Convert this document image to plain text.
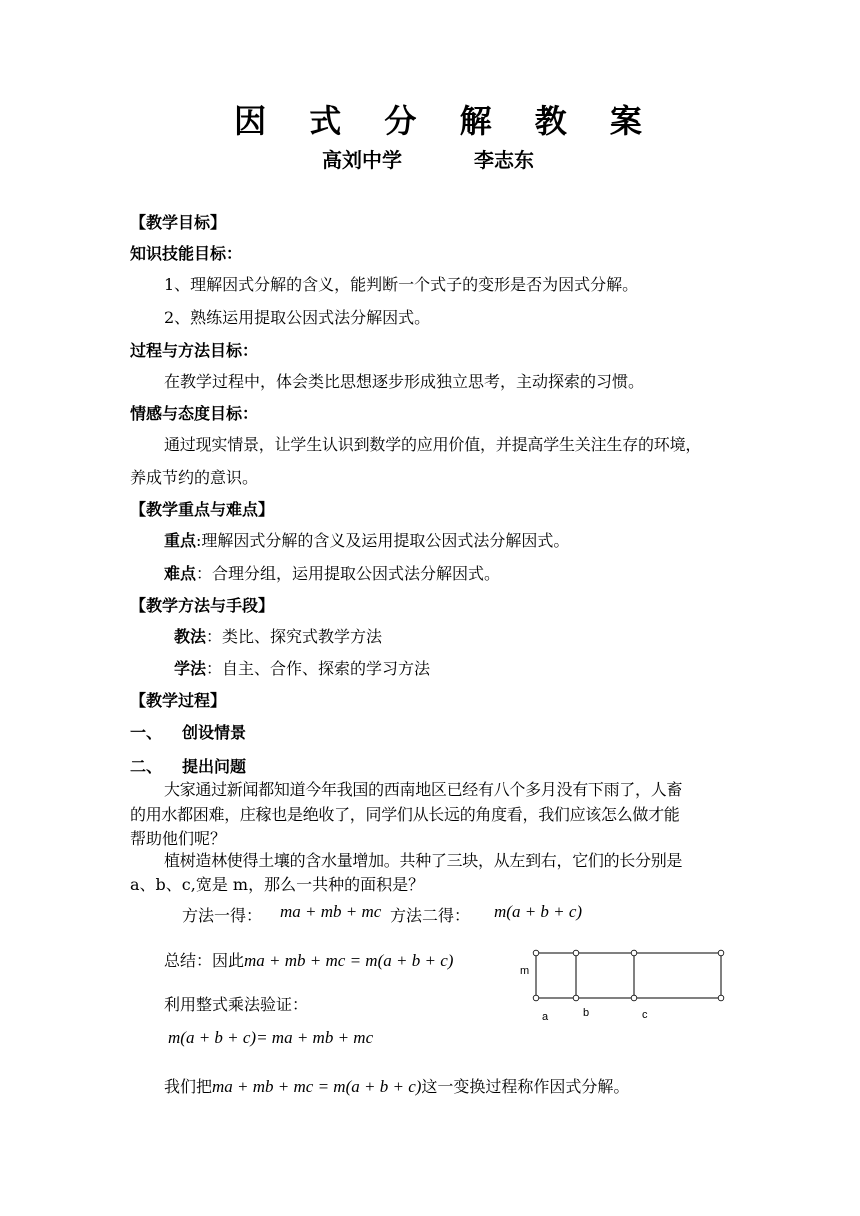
因 式 分 解 教 案
高刘中学	李志东
【教学目标】
知识技能目标：
1、理解因式分解的含义，能判断一个式子的变形是否为因式分解。
2、熟练运用提取公因式法分解因式。
过程与方法目标：
在教学过程中，体会类比思想逐步形成独立思考，主动探索的习惯。
情感与态度目标：
通过现实情景，让学生认识到数学的应用价值，并提高学生关注生存的环境，
养成节约的意识。
【教学重点与难点】
重点:理解因式分解的含义及运用提取公因式法分解因式。
难点：合理分组，运用提取公因式法分解因式。
【教学方法与手段】
教法：类比、探究式教学方法
学法：自主、合作、探索的学习方法
【教学过程】
一、 创设情景
二、 提出问题
大家通过新闻都知道今年我国的西南地区已经有八个多月没有下雨了，人畜
的用水都困难，庄稼也是绝收了，同学们从长远的角度看，我们应该怎么做才能
帮助他们呢？
植树造林使得土壤的含水量增加。共种了三块，从左到右，它们的长分别是
a、b、c,宽是 m，那么一共种的面积是？
方法一得： ma + mb + mc 方法二得： m(a + b + c)
总结：因此ma + mb + mc = m(a + b + c)
利用整式乘法验证：
m(a + b + c)= ma + mb + mc
我们把ma + mb + mc = m(a + b + c)这一变换过程称作因式分解。
m
a	b	c
